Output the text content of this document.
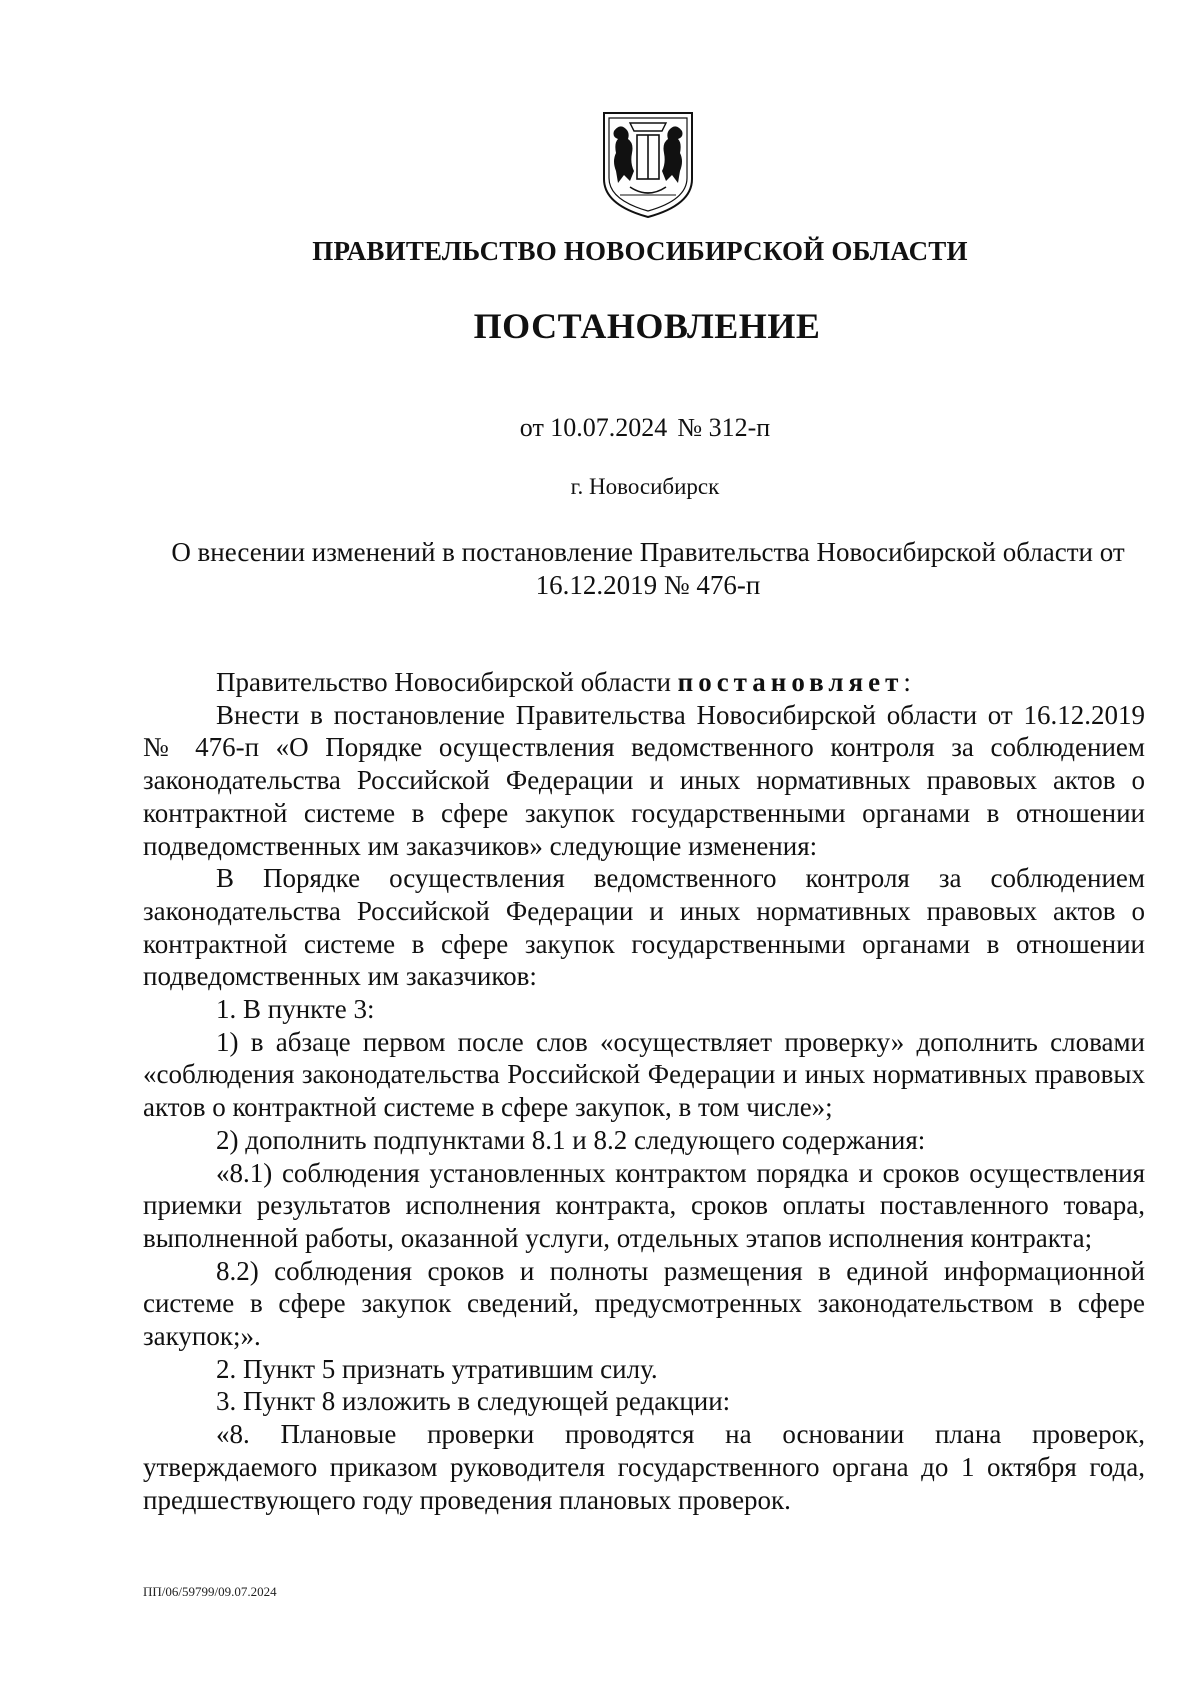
ПРАВИТЕЛЬСТВО НОВОСИБИРСКОЙ ОБЛАСТИ
ПОСТАНОВЛЕНИЕ
от 10.07.2024 № 312-п
г. Новосибирск
О внесении изменений в постановление Правительства Новосибирской области от 16.12.2019 № 476-п

Правительство Новосибирской области постановляет:

Внести в постановление Правительства Новосибирской области от 16.12.2019 № 476-п «О Порядке осуществления ведомственного контроля за соблюдением законодательства Российской Федерации и иных нормативных правовых актов о контрактной системе в сфере закупок государственными органами в отношении подведомственных им заказчиков» следующие изменения:

В Порядке осуществления ведомственного контроля за соблюдением законодательства Российской Федерации и иных нормативных правовых актов о контрактной системе в сфере закупок государственными органами в отношении подведомственных им заказчиков:

1. В пункте 3:

1) в абзаце первом после слов «осуществляет проверку» дополнить словами «соблюдения законодательства Российской Федерации и иных нормативных правовых актов о контрактной системе в сфере закупок, в том числе»;

2) дополнить подпунктами 8.1 и 8.2 следующего содержания:

«8.1) соблюдения установленных контрактом порядка и сроков осуществления приемки результатов исполнения контракта, сроков оплаты поставленного товара, выполненной работы, оказанной услуги, отдельных этапов исполнения контракта;

8.2) соблюдения сроков и полноты размещения в единой информационной системе в сфере закупок сведений, предусмотренных законодательством в сфере закупок;».

2. Пункт 5 признать утратившим силу.

3. Пункт 8 изложить в следующей редакции:

«8. Плановые проверки проводятся на основании плана проверок, утверждаемого приказом руководителя государственного органа до 1 октября года, предшествующего году проведения плановых проверок.

ПП/06/59799/09.07.2024
